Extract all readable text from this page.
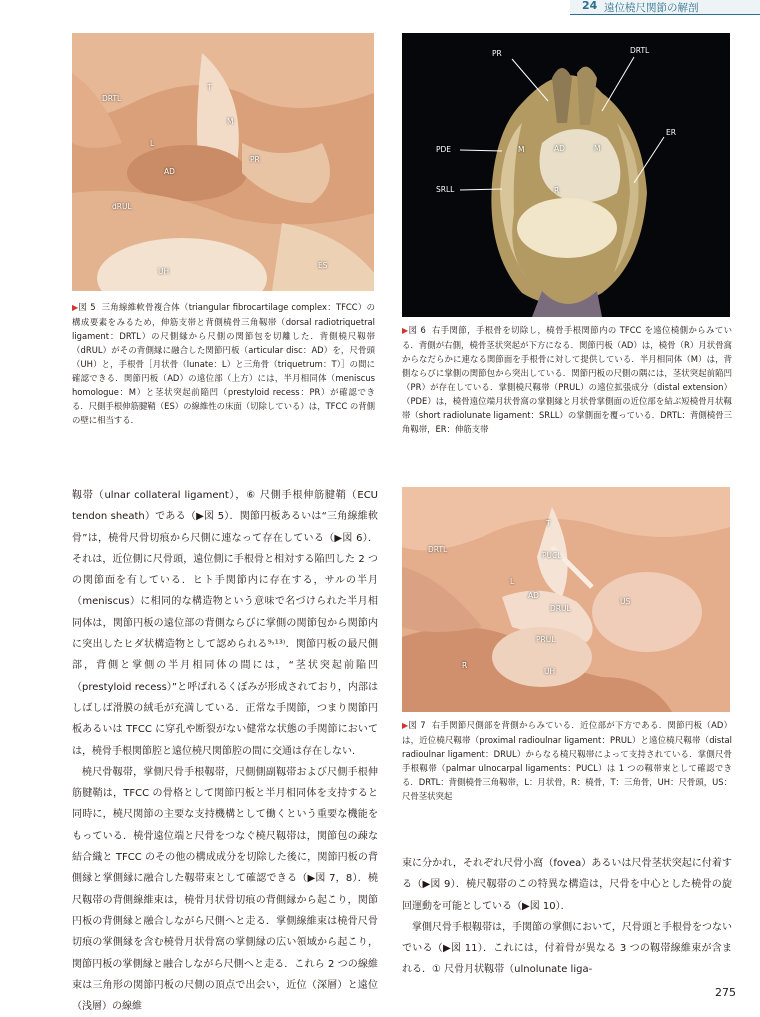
24 遠位橈尺関節の解剖
DRTL
T
M
L
AD
PR
dRUL
UH
ES
▶図 5 三角線維軟骨複合体（triangular fibrocartilage complex：TFCC）の構成要素をみるため，伸筋支帯と背側橈骨三角靱帯（dorsal radiotriquetral ligament：DRTL）の尺側縁から尺側の関節包を切離した．背側橈尺靱帯（dRUL）がその背側縁に融合した関節円板（articular disc：AD）を，尺骨頭（UH）と，手根骨［月状骨（lunate：L）と三角骨（triquetrum：T）］の間に確認できる．関節円板（AD）の遠位部（上方）には，半月相同体（meniscus homologue：M）と茎状突起前陥凹（prestyloid recess：PR）が確認できる．尺側手根伸筋腱鞘（ES）の線維性の床面（切除している）は，TFCC の背側の壁に相当する．
PR	DRTL
ER
PDE	M	AD	M
SRLL	R
▶図 6 右手関節，手根骨を切除し，橈骨手根関節内の TFCC を遠位橈側からみている．背側が右側，橈骨茎状突起が下方になる．関節円板（AD）は，橈骨（R）月状骨窩からなだらかに連なる関節面を手根骨に対して提供している．半月相同体（M）は，背側ならびに掌側の関節包から突出している．関節円板の尺側の隅には，茎状突起前陥凹（PR）が存在している．掌側橈尺靱帯（PRUL）の遠位拡張成分（distal extension）（PDE）は，橈骨遠位端月状骨窩の掌側縁と月状骨掌側面の近位部を結ぶ短橈骨月状靱帯（short radiolunate ligament：SRLL）の掌側面を覆っている．DRTL：背側橈骨三角靱帯，ER：伸筋支帯
T
DRTL
PUCL
L
AD
DRUL
US
PRUL
R
UH
▶図 7 右手関節尺側部を背側からみている．近位部が下方である．関節円板（AD）は，近位橈尺靱帯（proximal radioulnar ligament：PRUL）と遠位橈尺靱帯（distal radioulnar ligament：DRUL）からなる橈尺靱帯によって支持されている．掌側尺骨手根靱帯（palmar ulnocarpal ligaments：PUCL）は 1 つの靱帯束として確認できる．DRTL：背側橈骨三角靱帯，L：月状骨，R：橈骨，T：三角骨，UH：尺骨頭，US：尺骨茎状突起

靱帯（ulnar collateral ligament），⑥ 尺側手根伸筋腱鞘（ECU tendon sheath）である（▶図 5）．関節円板あるいは“三角線維軟骨”は，橈骨尺骨切痕から尺側に連なって存在している（▶図 6）．それは，近位側に尺骨頭，遠位側に手根骨と相対する陥凹した 2 つの関節面を有している．ヒト手関節内に存在する，サルの半月（meniscus）に相同的な構造物という意味で名づけられた半月相同体は，関節円板の遠位部の背側ならびに掌側の関節包から関節内に突出したヒダ状構造物として認められる⁹˒¹³⁾．関節円板の最尺側部，背側と掌側の半月相同体の間には，“茎状突起前陥凹（prestyloid recess）”と呼ばれるくぼみが形成されており，内部はしばしば滑膜の絨毛が充満している．正常な手関節，つまり関節円板あるいは TFCC に穿孔や断裂がない健常な状態の手関節においては，橈骨手根関節腔と遠位橈尺関節腔の間に交通は存在しない．

橈尺骨靱帯，掌側尺骨手根靱帯，尺側側副靱帯および尺側手根伸筋腱鞘は，TFCC の骨格として関節円板と半月相同体を支持すると同時に，橈尺関節の主要な支持機構として働くという重要な機能をもっている．橈骨遠位端と尺骨をつなぐ橈尺靱帯は，関節包の疎な結合織と TFCC のその他の構成成分を切除した後に，関節円板の背側縁と掌側縁に融合した靱帯束として確認できる（▶図 7，8）．橈尺靱帯の背側線維束は，橈骨月状骨切痕の背側縁から起こり，関節円板の背側縁と融合しながら尺側へと走る．掌側線維束は橈骨尺骨切痕の掌側縁を含む橈骨月状骨窩の掌側縁の広い領域から起こり，関節円板の掌側縁と融合しながら尺側へと走る．これら 2 つの線維束は三角形の関節円板の尺側の頂点で出会い，近位（深層）と遠位（浅層）の線維

束に分かれ，それぞれ尺骨小窩（fovea）あるいは尺骨茎状突起に付着する（▶図 9）．橈尺靱帯のこの特異な構造は，尺骨を中心とした橈骨の旋回運動を可能としている（▶図 10）．

掌側尺骨手根靱帯は，手関節の掌側において，尺骨頭と手根骨をつないでいる（▶図 11）．これには，付着骨が異なる 3 つの靱帯線維束が含まれる．① 尺骨月状靱帯（ulnolunate liga-

275
